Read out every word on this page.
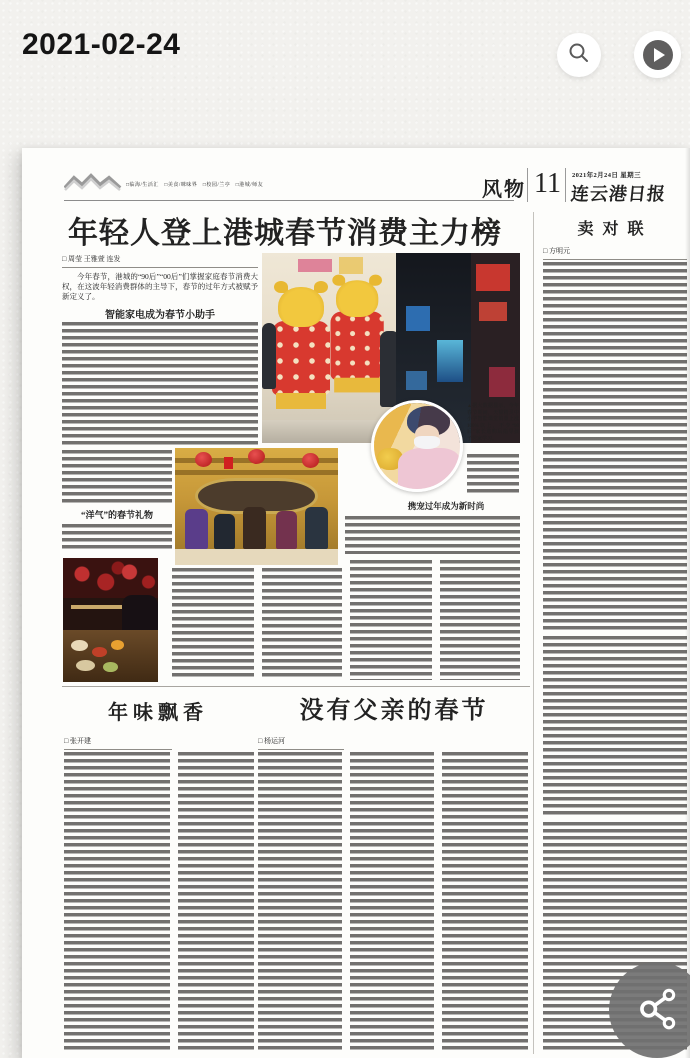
2021-02-24
□临海/生活汇　□美食/咪味界　□校园/兰亭　□港城/师友	风物 11 2021年2月24日 星期三
连云港日报
年轻人登上港城春节消费主力榜
□ 周莹 王雅萱 连发
今年春节，港城的“90后”“00后”们掌握家庭春节消费大权，在这波年轻消费群体的主导下，春节的过年方式被赋予新定义了。
智能家电成为春节小助手
“洋气”的春节礼物
▲据大数据显示，今年春节期间，天猫精灵中小学智能课堂销量上涨100%以上，不少“90后”家长选购后指导孩子居家学习。
携宠过年成为新时尚
卖对联
□ 方明元
年味飘香
□ 张开建
没有父亲的春节
□ 杨运河
